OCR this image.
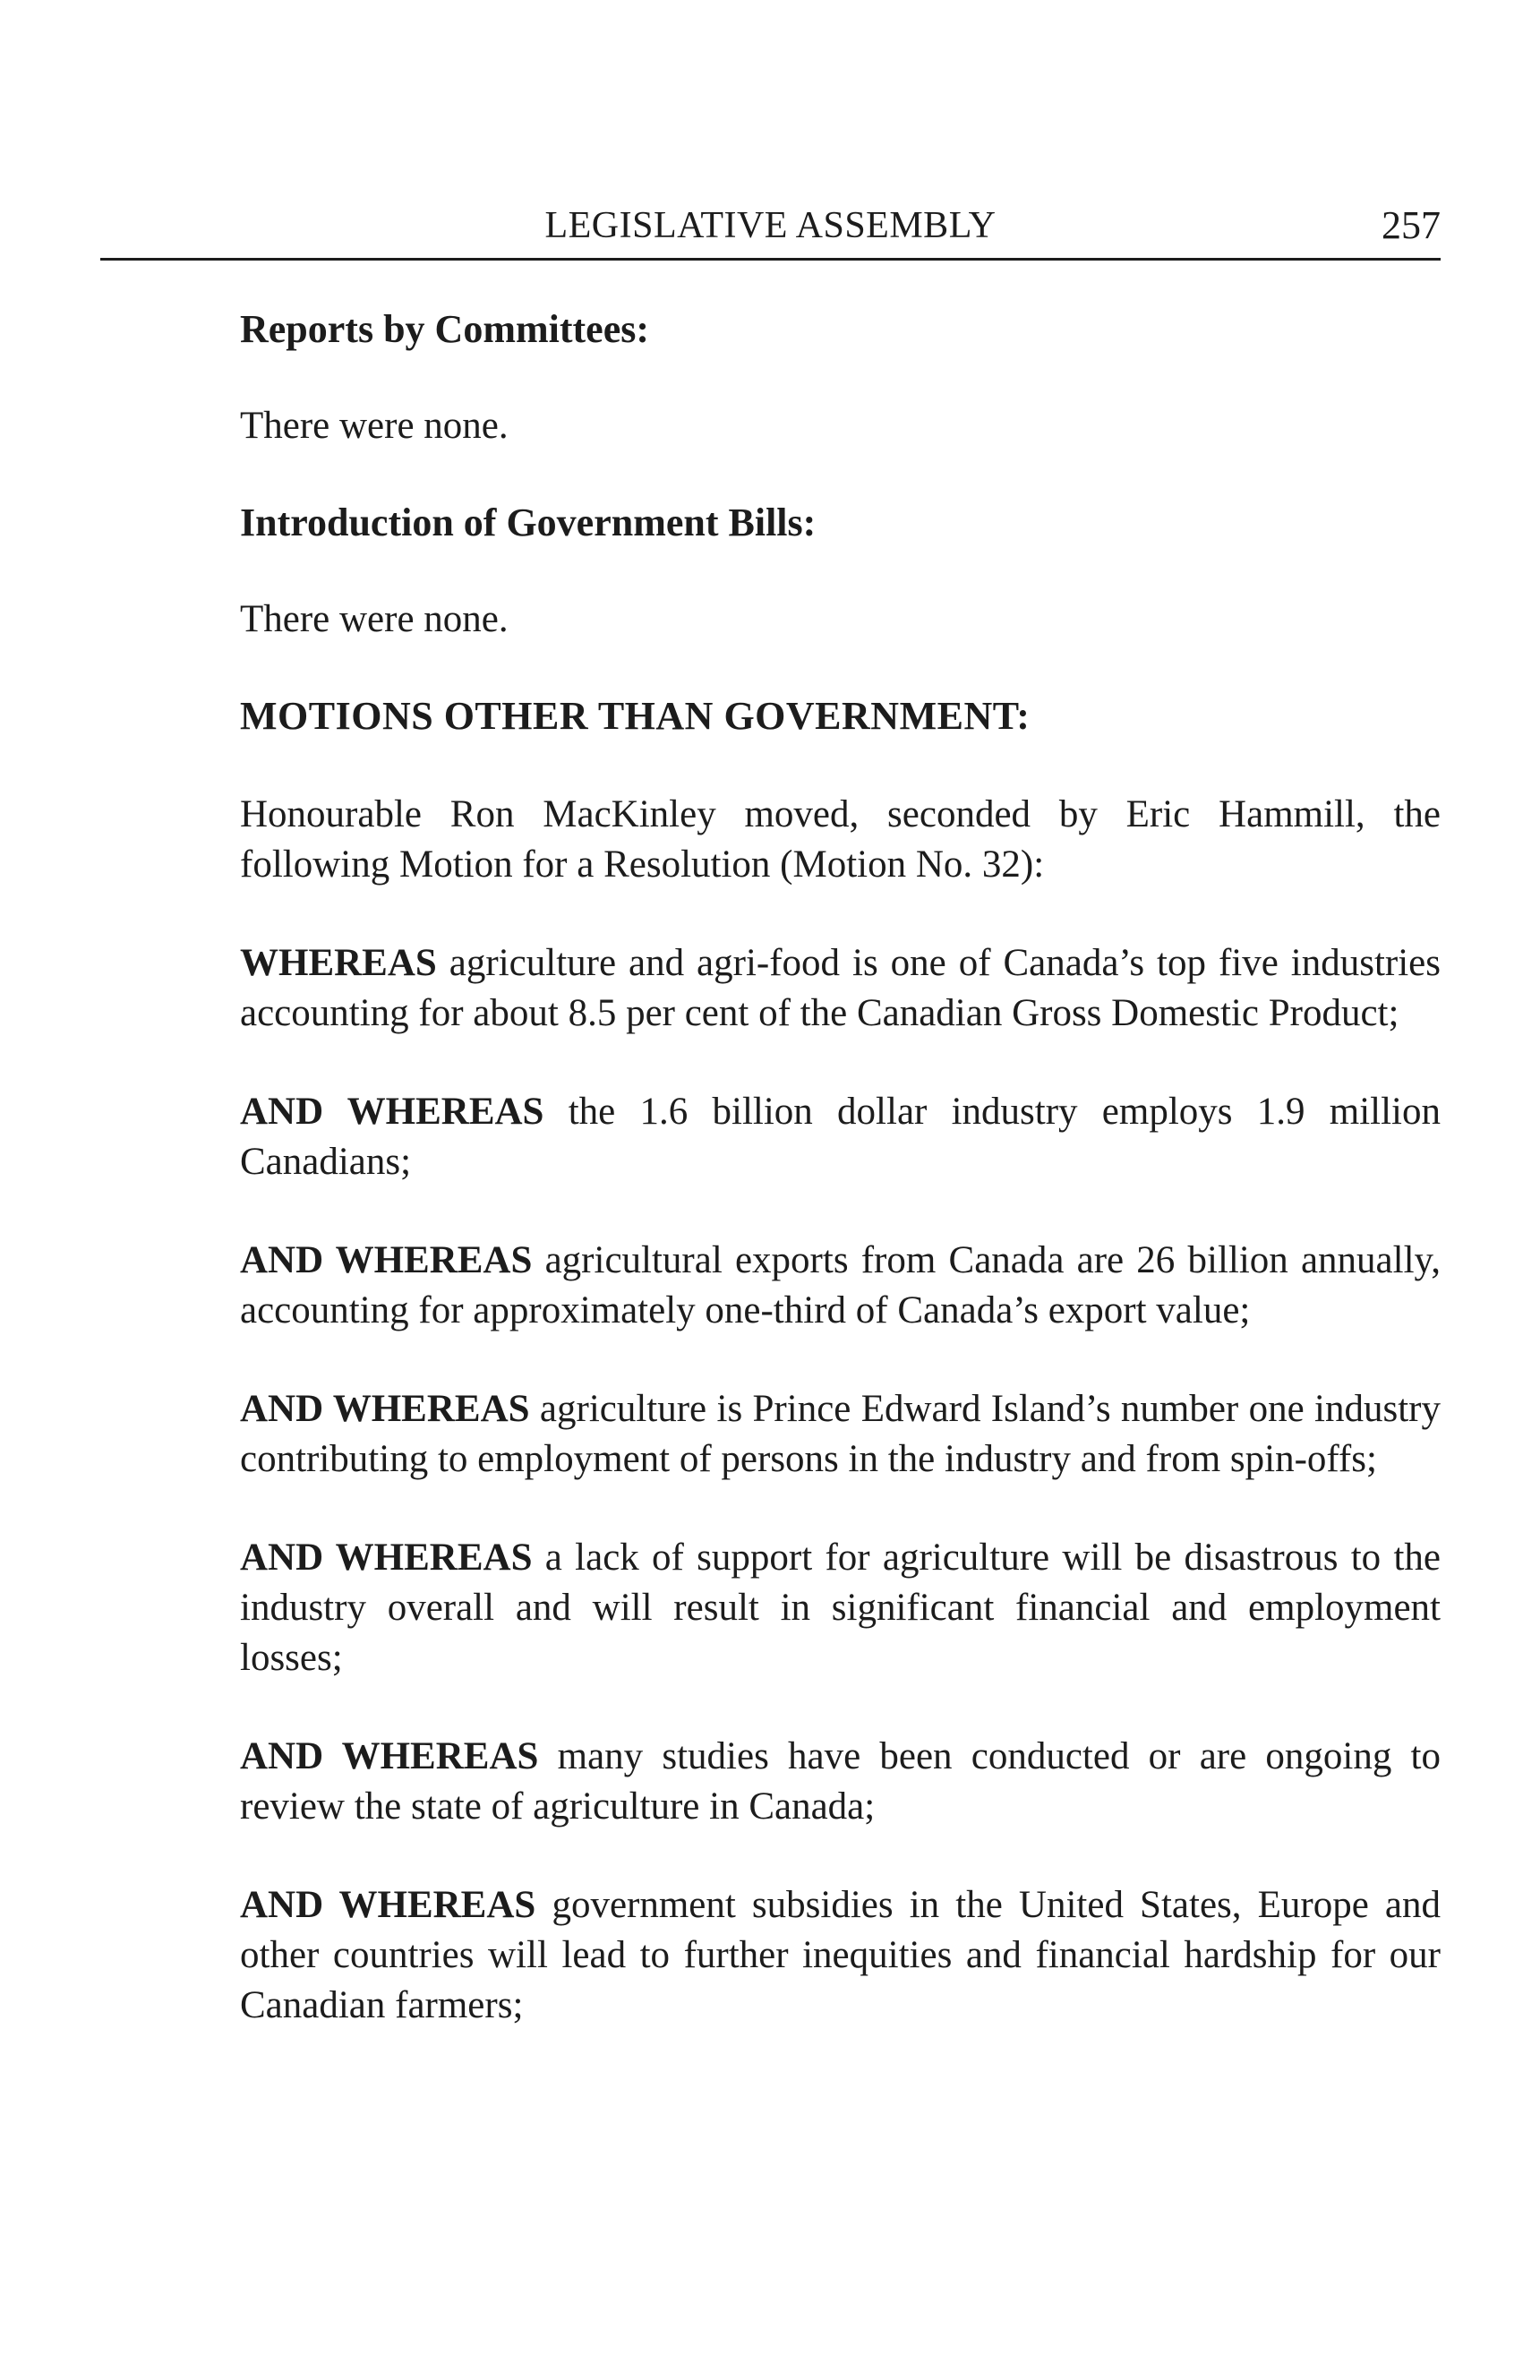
LEGISLATIVE ASSEMBLY	257

Reports by Committees:

There were none.

Introduction of Government Bills:

There were none.

MOTIONS OTHER THAN GOVERNMENT:

Honourable Ron MacKinley moved, seconded by Eric Hammill, the following Motion for a Resolution (Motion No. 32):

WHEREAS agriculture and agri-food is one of Canada’s top five industries accounting for about 8.5 per cent of the Canadian Gross Domestic Product;

AND WHEREAS the 1.6 billion dollar industry employs 1.9 million Canadians;

AND WHEREAS agricultural exports from Canada are 26 billion annually, accounting for approximately one-third of Canada’s export value;

AND WHEREAS agriculture is Prince Edward Island’s number one industry contributing to employment of persons in the industry and from spin-offs;

AND WHEREAS a lack of support for agriculture will be disastrous to the industry overall and will result in significant financial and employment losses;

AND WHEREAS many studies have been conducted or are ongoing to review the state of agriculture in Canada;

AND WHEREAS government subsidies in the United States, Europe and other countries will lead to further inequities and financial hardship for our Canadian farmers;
